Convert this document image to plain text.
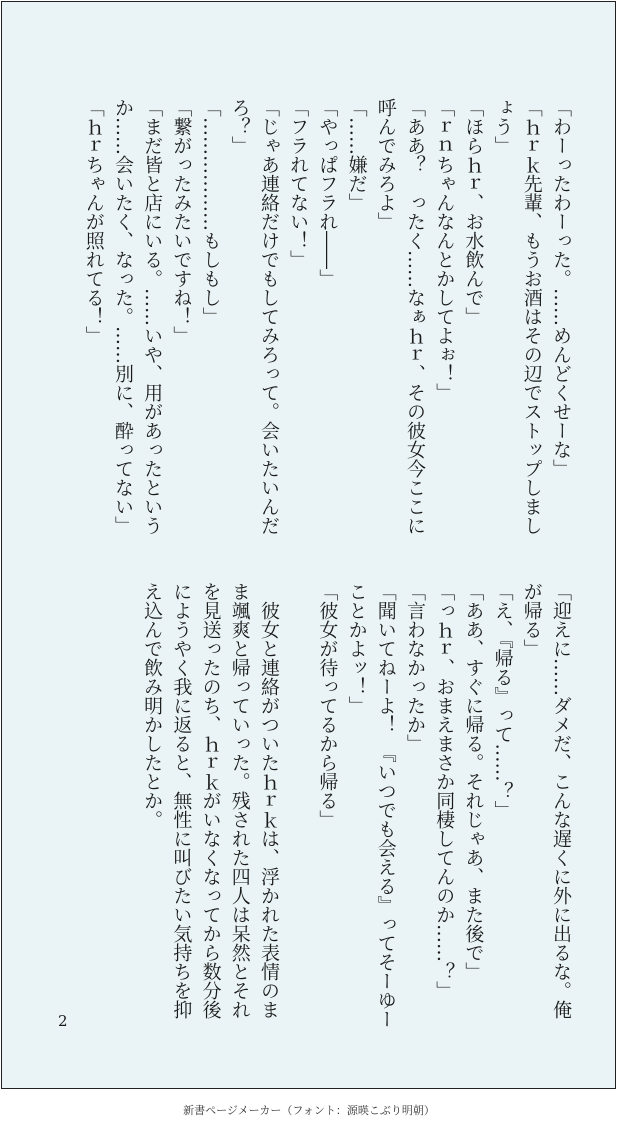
「わーったわーった。……めんどくせーな」
「ｈｒｋ先輩、もうお酒はその辺でストップしましょう」
「ほらｈｒ、お水飲んで」
「ｒｎちゃんなんとかしてよぉ！」
「ああ？　ったく……なぁｈｒ、その彼女今ここに呼んでみろよ」
「……嫌だ」
「やっぱフラれ――」
「フラれてない！」
「じゃあ連絡だけでもしてみろって。会いたいんだろ？」
「………………もしもし」
「繋がったみたいですね！」
「まだ皆と店にいる。……いや、用があったというか……会いたく、なった。……別に、酔ってない」
「ｈｒちゃんが照れてる！」
「迎えに……ダメだ、こんな遅くに外に出るな。俺が帰る」
「え、『帰る』って……？」
「ああ、すぐに帰る。それじゃあ、また後で」
「っｈｒ、おまえまさか同棲してんのか……？」
「言わなかったか」
「聞いてねーよ！　『いつでも会える』ってそーゆーことかよッ！」
「彼女が待ってるから帰る」

　彼女と連絡がついたｈｒｋは、浮かれた表情のまま颯爽と帰っていった。残された四人は呆然とそれを見送ったのち、ｈｒｋがいなくなってから数分後にようやく我に返ると、無性に叫びたい気持ちを抑え込んで飲み明かしたとか。
2
新書ページメーカー（フォント：源暎こぶり明朝）
